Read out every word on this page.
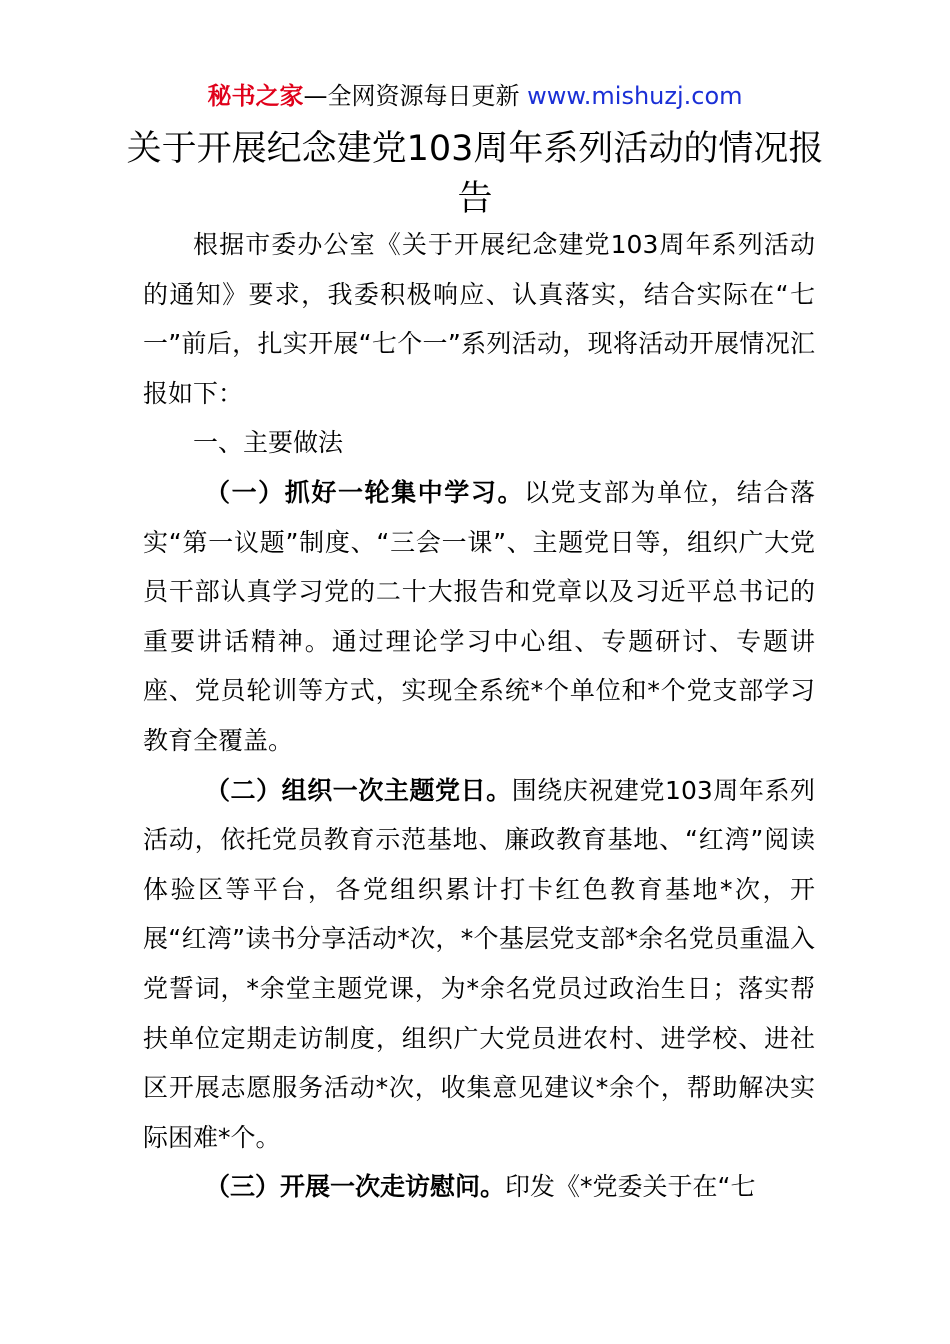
秘书之家—全网资源每日更新 www.mishuzj.com
关于开展纪念建党103周年系列活动的情况报告

根据市委办公室《关于开展纪念建党103周年系列活动的通知》要求，我委积极响应、认真落实，结合实际在“七一”前后，扎实开展“七个一”系列活动，现将活动开展情况汇报如下：

一、主要做法

（一）抓好一轮集中学习。以党支部为单位，结合落实“第一议题”制度、“三会一课”、主题党日等，组织广大党员干部认真学习党的二十大报告和党章以及习近平总书记的重要讲话精神。通过理论学习中心组、专题研讨、专题讲座、党员轮训等方式，实现全系统*个单位和*个党支部学习教育全覆盖。

（二）组织一次主题党日。围绕庆祝建党103周年系列活动，依托党员教育示范基地、廉政教育基地、“红湾”阅读体验区等平台，各党组织累计打卡红色教育基地*次，开展“红湾”读书分享活动*次，*个基层党支部*余名党员重温入党誓词，*余堂主题党课，为*余名党员过政治生日；落实帮扶单位定期走访制度，组织广大党员进农村、进学校、进社区开展志愿服务活动*次，收集意见建议*余个，帮助解决实际困难*个。

（三）开展一次走访慰问。印发《*党委关于在“七
